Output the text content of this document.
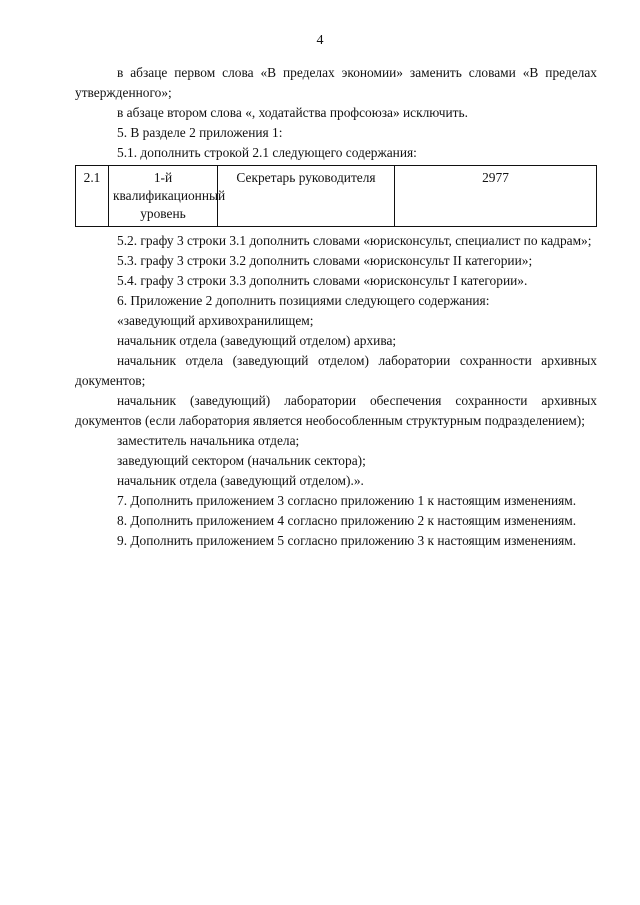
4

в абзаце первом слова «В пределах экономии» заменить словами «В пределах утвержденного»;

в абзаце втором слова «, ходатайства профсоюза» исключить.

5. В разделе 2 приложения 1:

5.1. дополнить строкой 2.1 следующего содержания:

2.1	1-й квалификационный уровень	Секретарь руководителя	2977

5.2. графу 3 строки 3.1 дополнить словами «юрисконсульт, специалист по кадрам»;

5.3. графу 3 строки 3.2 дополнить словами «юрисконсульт II категории»;

5.4. графу 3 строки 3.3 дополнить словами «юрисконсульт I категории».

6. Приложение 2 дополнить позициями следующего содержания:

«заведующий архивохранилищем;

начальник отдела (заведующий отделом) архива;

начальник отдела (заведующий отделом) лаборатории сохранности архивных документов;

начальник (заведующий) лаборатории обеспечения сохранности архивных документов (если лаборатория является необособленным структурным подразделением);

заместитель начальника отдела;

заведующий сектором (начальник сектора);

начальник отдела (заведующий отделом).».

7. Дополнить приложением 3 согласно приложению 1 к настоящим изменениям.

8. Дополнить приложением 4 согласно приложению 2 к настоящим изменениям.

9. Дополнить приложением 5 согласно приложению 3 к настоящим изменениям.
